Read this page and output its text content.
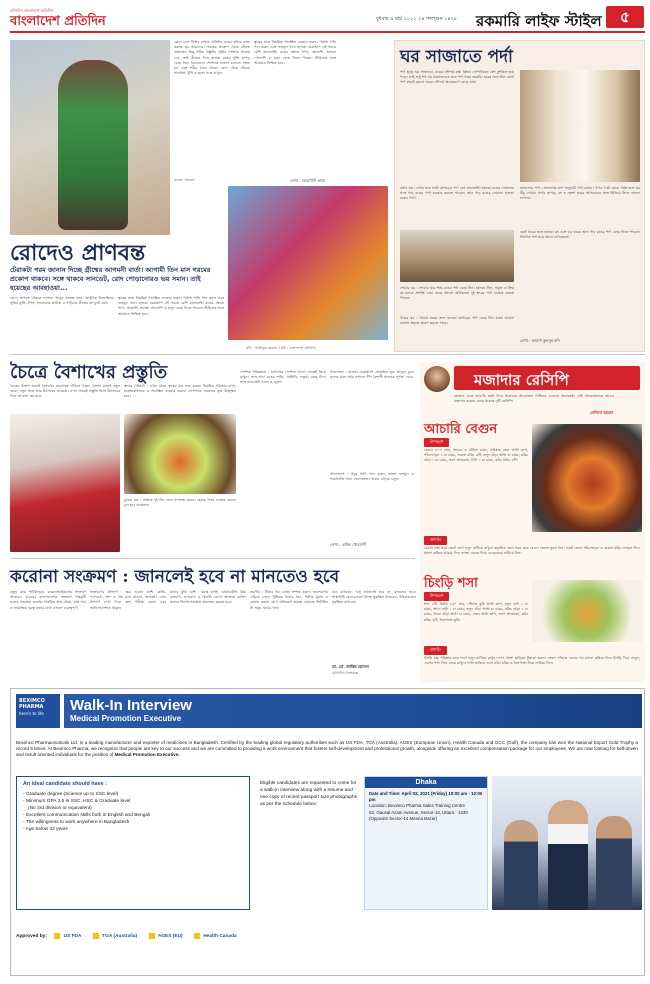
প্রতিদিন বাংলাদেশ প্রতিদিন
বাংলাদেশ প্রতিদিন	বুধবার ৯ মার্চ ২০২২ ২৪ ফাল্গুন ১৪২৮ রকমারি লাইফ স্টাইল	৫
রোদে চলে সিঁধার রাখায় প্রতিদিন ঘরের বাইরে কাজ করতে হয় আমাদের। গরমের প্রকোপ থেকে বাঁচতে প্রয়োজন কিছু সঠিক প্রস্তুতি। সুতির পোশাক আরাম দেয়, তাই গ্রীষ্মের দিনে হালকা রঙের সুতি কাপড় বেছে নিন। ঢিলেঢালা পোশাকে বাতাস চলাচল সহজ হয় এবং শরীর ঠান্ডা থাকে। রোদ থেকে বাঁচতে সানগ্লাস, টুপি ও ছাতা সঙ্গে রাখুন।
মডেল: পতেন্দ্রা
ত্বকের যত্নে নিয়মিত সানস্ক্রিন ব্যবহার করুন। পর্যাপ্ত পানি পান করুন এবং ফলমূল খান। হালকা মেকআপ এই সময়ে বেশি মানানসই। রঙের ক্ষেত্রে সাদা, আকাশি, হালকা গোলাপি বা হলুদ বেছে নিতে পারেন। স্টাইলের সঙ্গে আরামও নিশ্চিত হবে।
লেখা : ফেরদৌসি আরা
রোদেও প্রাণবন্ত
টেরাকটা গরম জানান দিচ্ছে গ্রীষ্মের আগমনী বার্তা। আগামী তিন মাস গরমের প্রকোপ থাকবে। সঙ্গে থাকবে সানডেট, রোদ পোড়ানোরও ভয় সমান। তাই হয়েছের আবহাওয়া...
রোদে প্রাণবন্ত থাকতে ফ্যাশনে আনুন সতেজ ভাব। আধুনিক ডিজাইনের সুতির কুর্তি, টপস, সালোয়ার কামিজ ও শাড়িতে গ্রীষ্মের রং ফুটে ওঠে।
ত্বকের যত্নে নিয়মিত সানস্ক্রিন ব্যবহার করুন। পর্যাপ্ত পানি পান করুন এবং ফলমূল খান। হালকা মেকআপ এই সময়ে বেশি মানানসই। রঙের ক্ষেত্রে সাদা, আকাশি, হালকা গোলাপি বা হলুদ বেছে নিতে পারেন। স্টাইলের সঙ্গে আরামও নিশ্চিত হবে।
ছবি : আতিকুর রহমান / ছবি : বাংলাদেশ প্রতিদিন
ঘর সাজাতে পর্দা
পর্দা ছাড়া ঘর সাজানো, ঘরের সৌন্দর্য রক্ষা কিংবা গোপনীয়তা বেশ মুশকিল হয়ে পড়ে। তাই শুধু শখ নয় প্রয়োজনেও ঘরে পর্দা থাকা জরুরি। ঘরের সঙ্গে মিল রেখে পর্দা বাছাই করলে ঘরের সৌন্দর্য অনেকগুণ বেড়ে যায়।
বসার ঘর : বসার ঘরে ভারী কাপড়ের পর্দা বেশ মানানসই। হালকা রঙের দেয়ালের সঙ্গে গাঢ় রঙের পর্দা ব্যবহার করতে পারেন। আর গাঢ় রঙের দেয়ালে হালকা রঙের পর্দা।
শোবার ঘর : শোবার ঘরে শান্ত রঙের পর্দা বেছে নিন। হালকা নীল, সবুজ বা ক্রিম রং মনকে প্রশান্তি দেয়। রাতে আলো আটকাতে দুই স্তরের পর্দা ব্যবহার করতে পারেন।
খাবার ঘর : খাবার ঘরের জন্য হালকা কাপড়ের পর্দা বেছে নিন যাতে আলো বাতাস সহজে প্রবেশ করতে পারে।
জানালার পর্দা : জানালার মাপ অনুযায়ী পর্দা বানান। পর্দার দৈর্ঘ্য মেঝে পর্যন্ত হলে ঘর উঁচু দেখায়। পর্দার কাপড়, রং ও নকশা ঘরের আসবাবের সঙ্গে মিলিয়ে নিলে ভালো লাগবে।
ছোট ঘরের জন্য হালকা রং এবং বড় ঘরের জন্য গাঢ় রঙের পর্দা বেছে নিতে পারেন। প্রিন্টেড পর্দা ঘরে আনে প্রাণবন্ততা।
লেখা : আয়শা কুলসুম মনি
চৈত্রে বৈশাখের প্রস্তুতি
চৈত্রের উত্তাপ মানেই বৈশাখের দ্বারপ্রান্তে দাঁড়িয়ে থাকা। বৈশাখ মানেই নতুন জামা, নতুন সাজ আর উৎসবের আমেজ। এখন থেকেই প্রস্তুতি নিলে উৎসবের দিনে ঝামেলা কম হবে।
ত্বকের পরিচর্যা : এখন থেকে ত্বকের যত্ন শুরু করুন। নিয়মিত পরিষ্কার রাখা, ময়েশ্চারাইজার ও সানস্ক্রিন ব্যবহার করুন। ফেসপ্যাক ব্যবহারে ত্বক উজ্জ্বল হবে।
চুলের যত্ন : সপ্তাহে দুই দিন তেল ম্যাসাজ করুন। হেয়ার প্যাক ব্যবহার করলে চুল হবে ঝলমলে।
পোশাক পরিকল্পনা : বৈশাখের পোশাক আগে থেকেই কিনে রাখুন। লাল-সাদা রঙের শাড়ি, পাঞ্জাবি, ফতুয়া বেছে নিন। সঙ্গে মানানসই গয়না ও জুতা।
সাজসজ্জা : হালকা মেকআপে প্রাকৃতিক লুক আনুন। চুলে ফুলের মালা আর কপালে টিপ বৈশাখী সাজকে পূর্ণতা দেবে।
খাদ্যাভ্যাস : প্রচুর পানি পান করুন, তাজা ফলমূল ও শাকসবজি খান। তেলেভাজা খাবার এড়িয়ে চলুন।
লেখা : তানিম খোরশেদী
মজাদার রেসিপি
রমজান এলে আচারি ভর্তা দিয়ে খাবারের আয়োজন সাজিয়ে ফেলেন অনেকেই। সেই আয়োজনকে আরও মজাদার করতে এবার থাকছে দুটি রেসিপি।
সেলিনা রহমান
আচারি বেগুন
উপকরণ
বেগুন ৫০০ গ্রাম, আচার ৩ টেবিল চামচ, সরিষার তেল আধা কাপ, পাঁচফোড়ন ১ চা চামচ, শুকনা মরিচ ৪টি, হলুদ গুঁড়া আধা চা চামচ, মরিচ গুঁড়া ১ চা চামচ, লবণ স্বাদমতো, চিনি ১ চা চামচ, কাঁচা মরিচ ৫টি।
প্রণালি
বেগুন লম্বা করে কেটে লবণ হলুদ মাখিয়ে রাখুন। কড়াইয়ে তেল গরম করে বেগুন ভেজে তুলে নিন। একই তেলে পাঁচফোড়ন ও শুকনা মরিচ ফোড়ন দিন। মসলা কষিয়ে আচার দিন। ভাজা বেগুন দিয়ে নেড়েচেড়ে নামিয়ে নিন।
চিংড়ি শসা
উপকরণ
শসা ২টি, চিংড়ি ২৫০ গ্রাম, পেঁয়াজ কুচি আধা কাপ, রসুন বাটা ১ চা চামচ, আদা বাটা ১ চা চামচ, হলুদ গুঁড়া আধা চা চামচ, মরিচ গুঁড়া ১ চা চামচ, জিরা গুঁড়া আধা চা চামচ, তেল আধা কাপ, লবণ স্বাদমতো, কাঁচা মরিচ ৪টি, ধনেপাতা কুচি।
প্রণালি
চিংড়ি মাছ পরিষ্কার করে লবণ হলুদ মাখিয়ে রাখুন। শসা খোসা ছাড়িয়ে টুকরো করুন। তেলে পেঁয়াজ ভেজে সব মসলা কষিয়ে নিন। চিংড়ি দিয়ে নাড়ুন, এরপর শসা দিয়ে ঢেকে রাখুন। পানি শুকিয়ে এলে কাঁচা মরিচ ও ধনেপাতা দিয়ে নামিয়ে নিন।
করোনা সংক্রমণ : জানলেই হবে না মানতেও হবে
নতুন করে পৃথিবীজুড়ে করোনাভাইরাসের সংক্রমণ আবারও বাড়ছে। বাংলাদেশেও সংক্রমণ নিম্নমুখী হলেও সতর্কতা জরুরি। নিয়মিত হাত ধোয়া, মাস্ক পরা ও সামাজিক দূরত্ব বজায় রাখা এখনো গুরুত্বপূর্ণ।
সংক্রমণের উপসর্গ : জ্বর, শুকনা কাশি, ক্লান্তি, গলাব্যথা, স্বাদ ও গন্ধ চলে যাওয়া, শ্বাসকষ্ট। এসব উপসর্গ দেখা দিলে দ্রুত পরীক্ষা করান এবং আইসোলেশনে থাকুন।
যাদের ঝুঁকি বেশি : বয়স্ক ব্যক্তি, ডায়াবেটিস, উচ্চ রক্তচাপ, হৃদরোগ ও কিডনি রোগে আক্রান্ত ব্যক্তি। তাদের বিশেষ সতর্কতা অবলম্বন করতে হবে।
করণীয় : টিকার সব ডোজ সম্পন্ন করুন। জনসমাগম এড়িয়ে চলুন। পুষ্টিকর খাবার খান, পর্যাপ্ত ঘুমান ও ব্যায়াম করুন। রোগ প্রতিরোধ ক্ষমতা বাড়াতে ভিটামিন সি সমৃদ্ধ খাবার খান।
মনে রাখবেন, শুধু জানলেই হবে না, মানতেও হবে। স্বাস্থ্যবিধি মেনে চললে নিজে সুরক্ষিত থাকবেন, পরিবারকেও সুরক্ষিত রাখবেন।
ডা. মো. জাকির হোসেন
মেডিসিন বিশেষজ্ঞ
BEXIMCO
PHARMA
here's to life	Walk-In Interview
Medical Promotion Executive
Beximco Pharmaceuticals Ltd. is a leading manufacturer and exporter of medicines in Bangladesh. Certified by the leading global regulatory authorities such as US FDA, TGA (Australia), AGES (European Union), Health Canada and GCC (Gulf), the company has won the National Export Gold Trophy a record 5 times. At Beximco Pharma, we recognize that people are key to our success and we are committed to providing a work environment that fosters self-development and professional growth, alongside offering an excellent compensation package for our employees. We are now looking for self-driven and result oriented individuals for the position of Medical Promotion Executive.
An ideal candidate should have :
- Graduate degree (Science up to SSC level)
- Minimum GPA 2.5 in SSC, HSC & Graduate level
(No 3rd division or equivalent)
- Excellent communication skills both in English and Bengali
- The willingness to work anywhere in Bangladesh
- Age below 32 years
Eligible candidates are requested to come for a walk-in interview along with a resume and one copy of recent passport size photographs as per the schedule below:
Dhaka
Date and Time: April 02, 2021 (Friday) 10:00 am - 12:00 pm
Location: Beximco Pharma Sales Training Centre
62, Gausal Azam Avenue, Sector-13, Uttara - 1230
(Opposite Sector-14 Meena Bazar)
Approved by:	US FDA	TGA (Australia)	AGES (EU)	Health Canada
